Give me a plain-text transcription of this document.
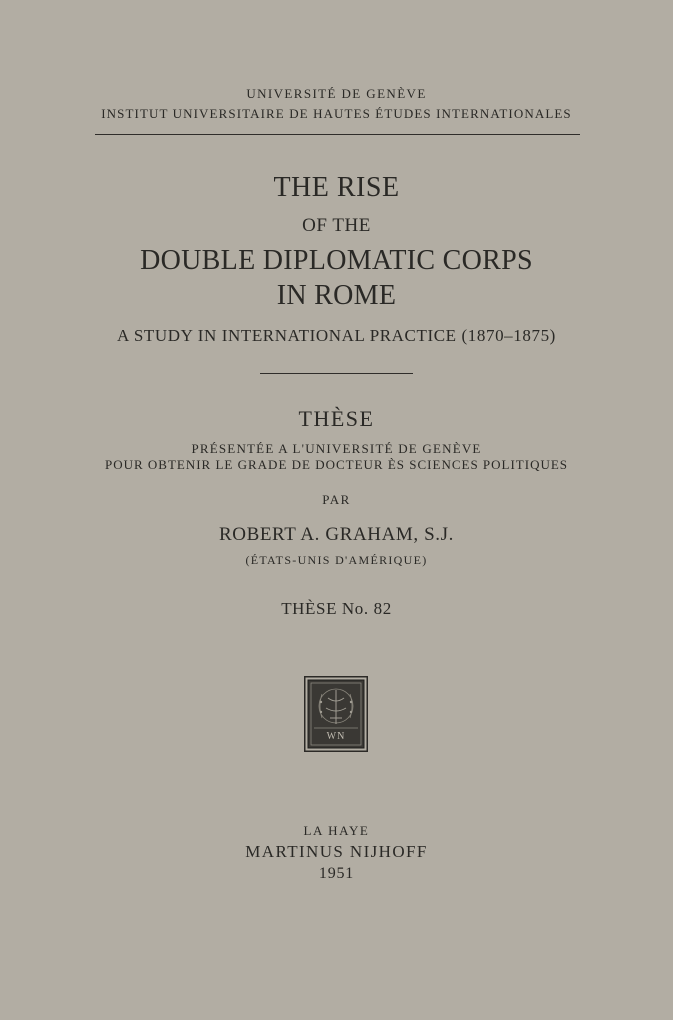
UNIVERSITÉ DE GENÈVE
INSTITUT UNIVERSITAIRE DE HAUTES ÉTUDES INTERNATIONALES
THE RISE
OF THE
DOUBLE DIPLOMATIC CORPS
IN ROME
A STUDY IN INTERNATIONAL PRACTICE (1870–1875)
THÈSE
PRÉSENTÉE A L'UNIVERSITÉ DE GENÈVE
POUR OBTENIR LE GRADE DE DOCTEUR ÈS SCIENCES POLITIQUES
PAR
ROBERT A. GRAHAM, S.J.
(ÉTATS-UNIS D'AMÉRIQUE)
THÈSE No. 82
WN
LA HAYE
MARTINUS NIJHOFF
1951
